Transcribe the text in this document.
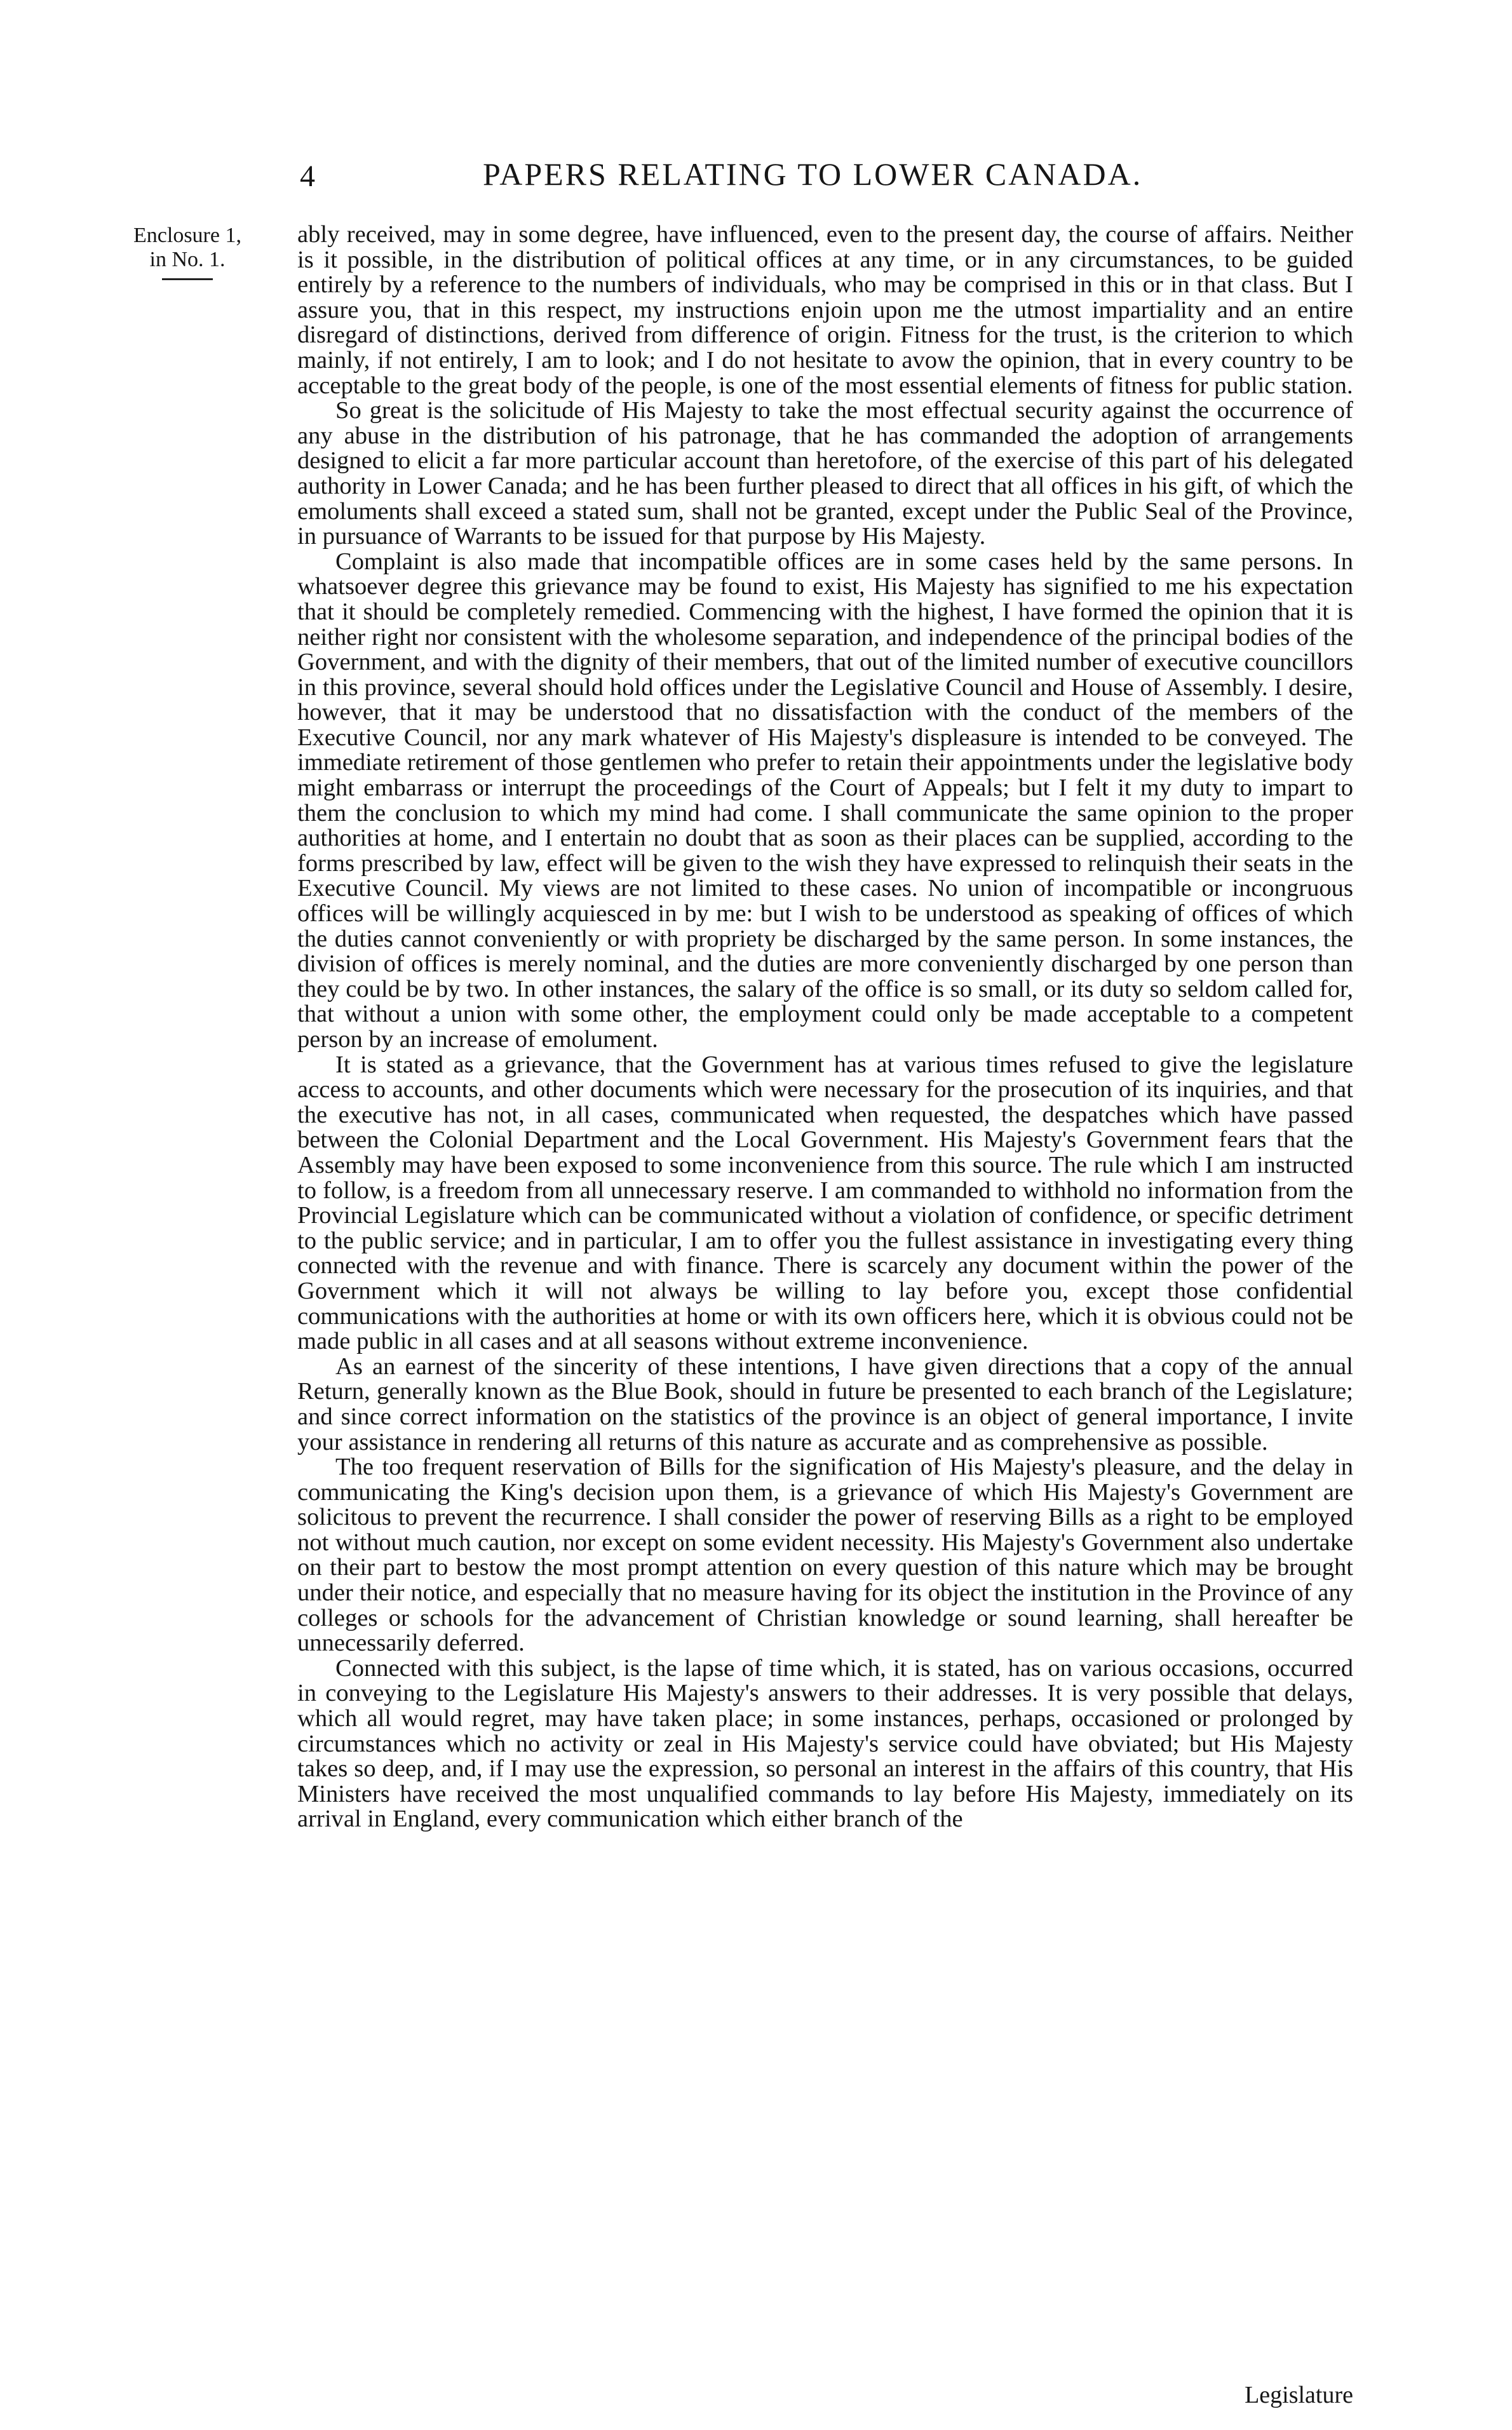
4	PAPERS RELATING TO LOWER CANADA.
Enclosure 1,
in No. 1.

ably received, may in some degree, have influenced, even to the present day, the course of affairs. Neither is it possible, in the distribution of political offices at any time, or in any circumstances, to be guided entirely by a reference to the numbers of individuals, who may be comprised in this or in that class. But I assure you, that in this respect, my instructions enjoin upon me the utmost impartiality and an entire disregard of distinctions, derived from difference of origin. Fitness for the trust, is the criterion to which mainly, if not entirely, I am to look; and I do not hesitate to avow the opinion, that in every country to be acceptable to the great body of the people, is one of the most essential elements of fitness for public station.

So great is the solicitude of His Majesty to take the most effectual security against the occurrence of any abuse in the distribution of his patronage, that he has commanded the adoption of arrangements designed to elicit a far more particular account than heretofore, of the exercise of this part of his delegated authority in Lower Canada; and he has been further pleased to direct that all offices in his gift, of which the emoluments shall exceed a stated sum, shall not be granted, except under the Public Seal of the Province, in pursuance of Warrants to be issued for that purpose by His Majesty.

Complaint is also made that incompatible offices are in some cases held by the same persons. In whatsoever degree this grievance may be found to exist, His Majesty has signified to me his expectation that it should be completely remedied. Commencing with the highest, I have formed the opinion that it is neither right nor consistent with the wholesome separation, and independence of the principal bodies of the Government, and with the dignity of their members, that out of the limited number of executive councillors in this province, several should hold offices under the Legislative Council and House of Assembly. I desire, however, that it may be understood that no dissatisfaction with the conduct of the members of the Executive Council, nor any mark whatever of His Majesty's displeasure is intended to be conveyed. The immediate retirement of those gentlemen who prefer to retain their appointments under the legislative body might embarrass or interrupt the proceedings of the Court of Appeals; but I felt it my duty to impart to them the conclusion to which my mind had come. I shall communicate the same opinion to the proper authorities at home, and I entertain no doubt that as soon as their places can be supplied, according to the forms prescribed by law, effect will be given to the wish they have expressed to relinquish their seats in the Executive Council. My views are not limited to these cases. No union of incompatible or incongruous offices will be willingly acquiesced in by me: but I wish to be understood as speaking of offices of which the duties cannot conveniently or with propriety be discharged by the same person. In some instances, the division of offices is merely nominal, and the duties are more conveniently discharged by one person than they could be by two. In other instances, the salary of the office is so small, or its duty so seldom called for, that without a union with some other, the employment could only be made acceptable to a competent person by an increase of emolument.

It is stated as a grievance, that the Government has at various times refused to give the legislature access to accounts, and other documents which were necessary for the prosecution of its inquiries, and that the executive has not, in all cases, communicated when requested, the despatches which have passed between the Colonial Department and the Local Government. His Majesty's Government fears that the Assembly may have been exposed to some inconvenience from this source. The rule which I am instructed to follow, is a freedom from all unnecessary reserve. I am commanded to withhold no information from the Provincial Legislature which can be communicated without a violation of confidence, or specific detriment to the public service; and in particular, I am to offer you the fullest assistance in investigating every thing connected with the revenue and with finance. There is scarcely any document within the power of the Government which it will not always be willing to lay before you, except those confidential communications with the authorities at home or with its own officers here, which it is obvious could not be made public in all cases and at all seasons without extreme inconvenience.

As an earnest of the sincerity of these intentions, I have given directions that a copy of the annual Return, generally known as the Blue Book, should in future be presented to each branch of the Legislature; and since correct information on the statistics of the province is an object of general importance, I invite your assistance in rendering all returns of this nature as accurate and as comprehensive as possible.

The too frequent reservation of Bills for the signification of His Majesty's pleasure, and the delay in communicating the King's decision upon them, is a grievance of which His Majesty's Government are solicitous to prevent the recurrence. I shall consider the power of reserving Bills as a right to be employed not without much caution, nor except on some evident necessity. His Majesty's Government also undertake on their part to bestow the most prompt attention on every question of this nature which may be brought under their notice, and especially that no measure having for its object the institution in the Province of any colleges or schools for the advancement of Christian knowledge or sound learning, shall hereafter be unnecessarily deferred.

Connected with this subject, is the lapse of time which, it is stated, has on various occasions, occurred in conveying to the Legislature His Majesty's answers to their addresses. It is very possible that delays, which all would regret, may have taken place; in some instances, perhaps, occasioned or prolonged by circumstances which no activity or zeal in His Majesty's service could have obviated; but His Majesty takes so deep, and, if I may use the expression, so personal an interest in the affairs of this country, that His Ministers have received the most unqualified commands to lay before His Majesty, immediately on its arrival in England, every communication which either branch of the

Legislature
